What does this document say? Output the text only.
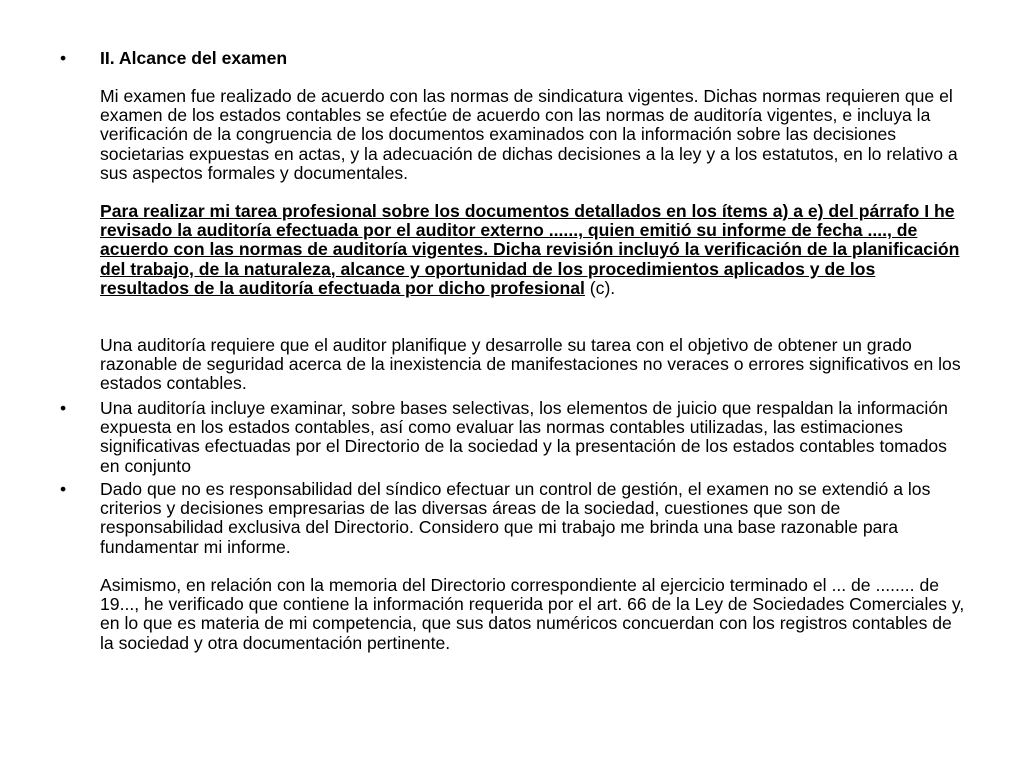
• II. Alcance del examen

Mi examen fue realizado de acuerdo con las normas de sindicatura vigentes. Dichas normas requieren que el examen de los estados contables se efectúe de acuerdo con las normas de auditoría vigentes, e incluya la verificación de la congruencia de los documentos examinados con la información sobre las decisiones societarias expuestas en actas, y la adecuación de dichas decisiones a la ley y a los estatutos, en lo relativo a sus aspectos formales y documentales.

Para realizar mi tarea profesional sobre los documentos detallados en los ítems a) a e) del párrafo I he revisado la auditoría efectuada por el auditor externo ......, quien emitió su informe de fecha ...., de acuerdo con las normas de auditoría vigentes. Dicha revisión incluyó la verificación de la planificación del trabajo, de la naturaleza, alcance y oportunidad de los procedimientos aplicados y de los resultados de la auditoría efectuada por dicho profesional (c).

Una auditoría requiere que el auditor planifique y desarrolle su tarea con el objetivo de obtener un grado razonable de seguridad acerca de la inexistencia de manifestaciones no veraces o errores significativos en los estados contables.

• Una auditoría incluye examinar, sobre bases selectivas, los elementos de juicio que respaldan la información expuesta en los estados contables, así como evaluar las normas contables utilizadas, las estimaciones significativas efectuadas por el Directorio de la sociedad y la presentación de los estados contables tomados en conjunto

• Dado que no es responsabilidad del síndico efectuar un control de gestión, el examen no se extendió a los criterios y decisiones empresarias de las diversas áreas de la sociedad, cuestiones que son de responsabilidad exclusiva del Directorio. Considero que mi trabajo me brinda una base razonable para fundamentar mi informe.

Asimismo, en relación con la memoria del Directorio correspondiente al ejercicio terminado el ... de ........ de 19..., he verificado que contiene la información requerida por el art. 66 de la Ley de Sociedades Comerciales y, en lo que es materia de mi competencia, que sus datos numéricos concuerdan con los registros contables de la sociedad y otra documentación pertinente.
